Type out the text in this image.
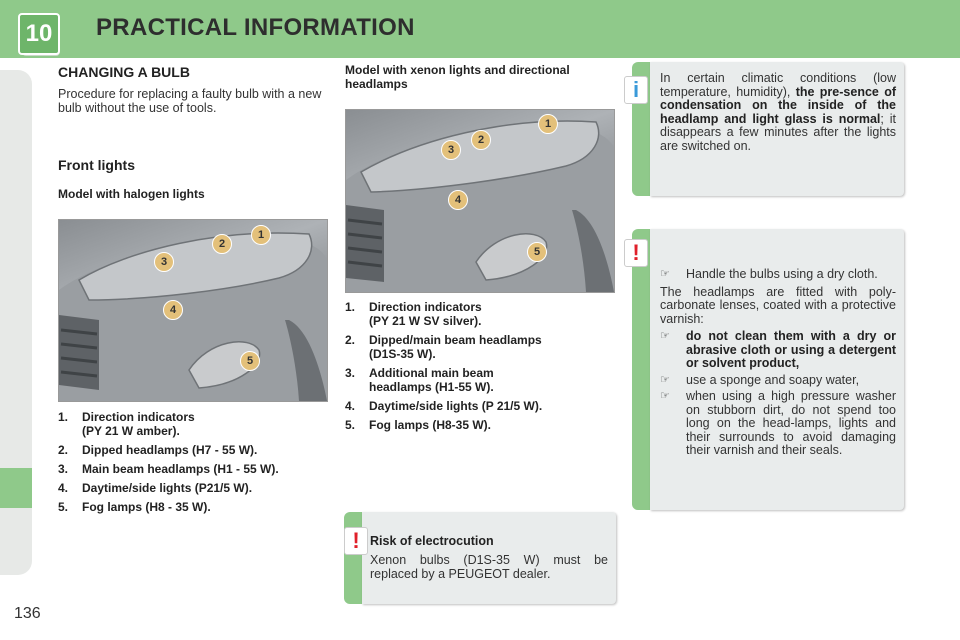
10	PRACTICAL INFORMATION
136
CHANGING A BULB
Procedure for replacing a faulty bulb with a new bulb without the use of tools.
Front lights
Model with halogen lights
3
2
1
4
5
1.	Direction indicators
(PY 21 W amber).
2.	Dipped headlamps (H7 - 55 W).
3.	Main beam headlamps (H1 - 55 W).
4.	Daytime/side lights (P21/5 W).
5.	Fog lamps (H8 - 35 W).
Model with xenon lights and directional headlamps
3
2
1
4
5
1.	Direction indicators
(PY 21 W SV silver).
2.	Dipped/main beam headlamps
(D1S-35 W).
3.	Additional main beam
headlamps (H1-55 W).
4.	Daytime/side lights (P 21/5 W).
5.	Fog lamps (H8-35 W).
In certain climatic conditions (low temperature, humidity), the pre-sence of condensation on the inside of the headlamp and light glass is normal; it disappears a few minutes after the lights are switched on.
i
☞	Handle the bulbs using a dry cloth.
The headlamps are fitted with poly-carbonate lenses, coated with a protective varnish:
☞	do not clean them with a dry or abrasive cloth or using a detergent or solvent product,
☞	use a sponge and soapy water,
☞	when using a high pressure washer on stubborn dirt, do not spend too long on the head-lamps, lights and their surrounds to avoid damaging their varnish and their seals.
!
Risk of electrocution
Xenon bulbs (D1S-35 W) must be replaced by a PEUGEOT dealer.
!
